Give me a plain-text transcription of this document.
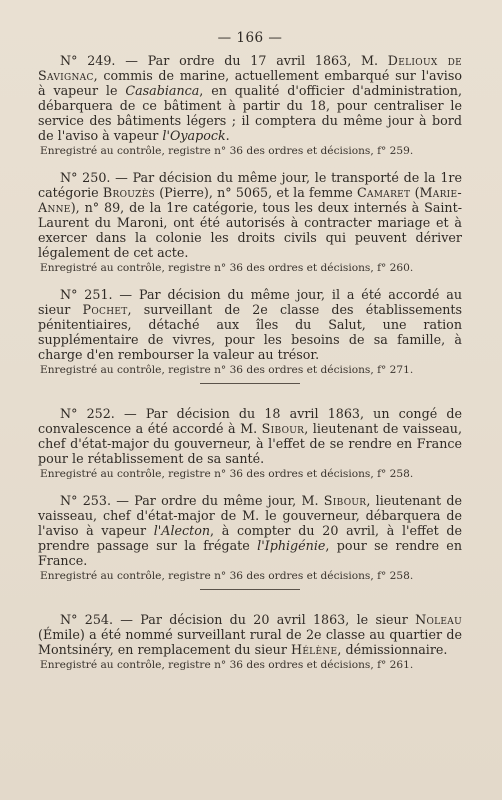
— 166 —

N° 249. — Par ordre du 17 avril 1863, M. Delioux de Savignac, commis de marine, actuellement embarqué sur l'aviso à vapeur le Casabianca, en qualité d'officier d'administration, débarquera de ce bâtiment à partir du 18, pour centraliser le service des bâtiments légers ; il comptera du même jour à bord de l'aviso à vapeur l'Oyapock.

Enregistré au contrôle, registre n° 36 des ordres et décisions, f° 259.

N° 250. — Par décision du même jour, le transporté de la 1re catégorie Brouzès (Pierre), n° 5065, et la femme Camaret (Marie-Anne), n° 89, de la 1re catégorie, tous les deux internés à Saint-Laurent du Maroni, ont été autorisés à contracter mariage et à exercer dans la colonie les droits civils qui peuvent dériver légalement de cet acte.

Enregistré au contrôle, registre n° 36 des ordres et décisions, f° 260.

N° 251. — Par décision du même jour, il a été accordé au sieur Pochet, surveillant de 2e classe des établissements pénitentiaires, détaché aux îles du Salut, une ration supplémentaire de vivres, pour les besoins de sa famille, à charge d'en rembourser la valeur au trésor.

Enregistré au contrôle, registre n° 36 des ordres et décisions, f° 271.

N° 252. — Par décision du 18 avril 1863, un congé de convalescence a été accordé à M. Sibour, lieutenant de vaisseau, chef d'état-major du gouverneur, à l'effet de se rendre en France pour le rétablissement de sa santé.

Enregistré au contrôle, registre n° 36 des ordres et décisions, f° 258.

N° 253. — Par ordre du même jour, M. Sibour, lieutenant de vaisseau, chef d'état-major de M. le gouverneur, débarquera de l'aviso à vapeur l'Alecton, à compter du 20 avril, à l'effet de prendre passage sur la frégate l'Iphigénie, pour se rendre en France.

Enregistré au contrôle, registre n° 36 des ordres et décisions, f° 258.

N° 254. — Par décision du 20 avril 1863, le sieur Noleau (Émile) a été nommé surveillant rural de 2e classe au quartier de Montsinéry, en remplacement du sieur Hélène, démissionnaire.

Enregistré au contrôle, registre n° 36 des ordres et décisions, f° 261.
